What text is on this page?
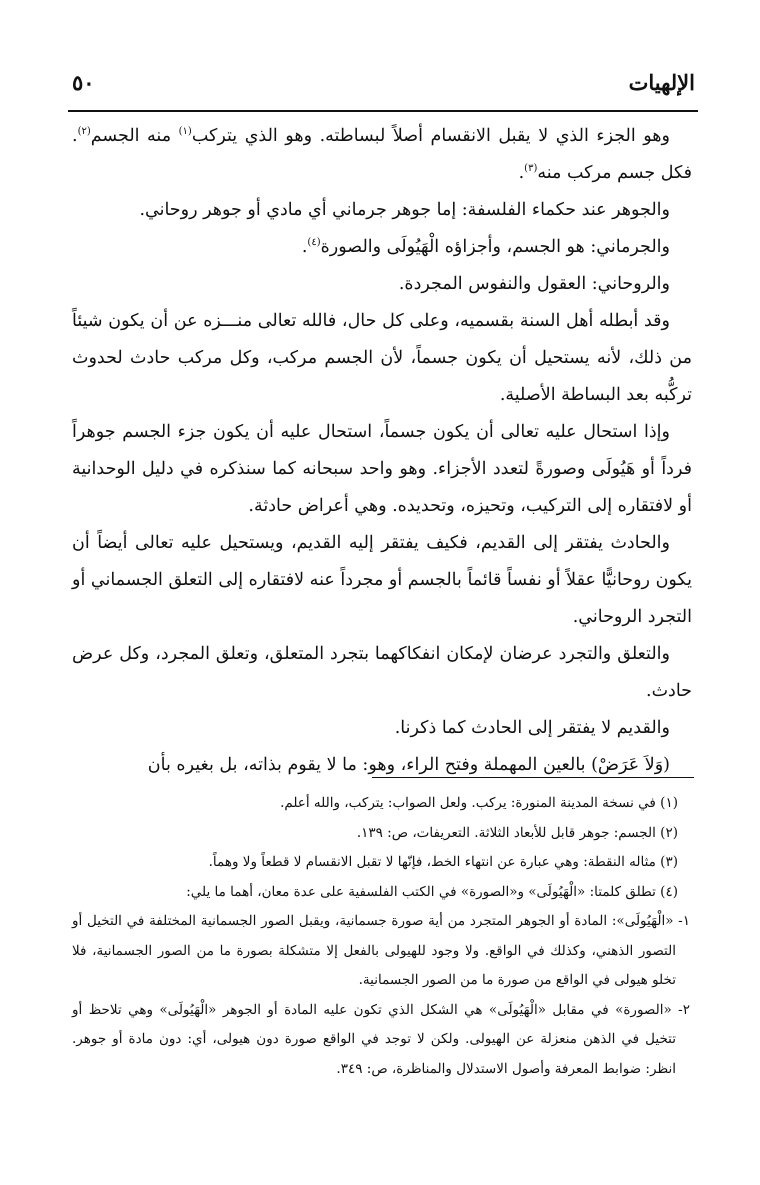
الإلهيات
٥٠

وهو الجزء الذي لا يقبل الانقسام أصلاً لبساطته. وهو الذي يتركب$^{(١)}$ منه الجسم$^{(٢)}$. فكل جسم مركب منه$^{(٣)}$.

والجوهر عند حكماء الفلسفة: إما جوهر جرماني أي مادي أو جوهر روحاني.

والجرماني: هو الجسم، وأجزاؤه الْهَيُولَى والصورة$^{(٤)}$.

والروحاني: العقول والنفوس المجردة.

وقد أبطله أهل السنة بقسميه، وعلى كل حال، فالله تعالى منـــزه عن أن يكون شيئاً من ذلك، لأنه يستحيل أن يكون جسماً، لأن الجسم مركب، وكل مركب حادث لحدوث تركُّبه بعد البساطة الأصلية.

وإذا استحال عليه تعالى أن يكون جسماً، استحال عليه أن يكون جزء الجسم جوهراً فرداً أو هَيُولَى وصورةً لتعدد الأجزاء. وهو واحد سبحانه كما سنذكره في دليل الوحدانية أو لافتقاره إلى التركيب، وتحيزه، وتحديده. وهي أعراض حادثة.

والحادث يفتقر إلى القديم، فكيف يفتقر إليه القديم، ويستحيل عليه تعالى أيضاً أن يكون روحانيًّا عقلاً أو نفساً قائماً بالجسم أو مجرداً عنه لافتقاره إلى التعلق الجسماني أو التجرد الروحاني.

والتعلق والتجرد عرضان لإمكان انفكاكهما بتجرد المتعلق، وتعلق المجرد، وكل عرض حادث.

والقديم لا يفتقر إلى الحادث كما ذكرنا.

(وَلاَ عَرَضْ) بالعين المهملة وفتح الراء، وهو: ما لا يقوم بذاته، بل بغيره بأن

(١) في نسخة المدينة المنورة: يركب. ولعل الصواب: يتركب، والله أعلم.

(٢) الجسم: جوهر قابل للأبعاد الثلاثة. التعريفات، ص: ١٣٩.

(٣) مثاله النقطة: وهي عبارة عن انتهاء الخط، فإنّها لا تقبل الانقسام لا قطعاً ولا وهماً.

(٤) تطلق كلمتا: «الْهَيُولَى» و«الصورة» في الكتب الفلسفية على عدة معان، أهما ما يلي:

١- «الْهَيُولَى»: المادة أو الجوهر المتجرد من أية صورة جسمانية، ويقبل الصور الجسمانية المختلفة في التخيل أو التصور الذهني، وكذلك في الواقع. ولا وجود للهيولى بالفعل إلا متشكلة بصورة ما من الصور الجسمانية، فلا تخلو هيولى في الواقع من صورة ما من الصور الجسمانية.

٢- «الصورة» في مقابل «الْهَيُولَى» هي الشكل الذي تكون عليه المادة أو الجوهر «الْهَيُولَى» وهي تلاحظ أو تتخيل في الذهن منعزلة عن الهيولى. ولكن لا توجد في الواقع صورة دون هيولى، أي: دون مادة أو جوهر. انظر: ضوابط المعرفة وأصول الاستدلال والمناظرة، ص: ٣٤٩.
